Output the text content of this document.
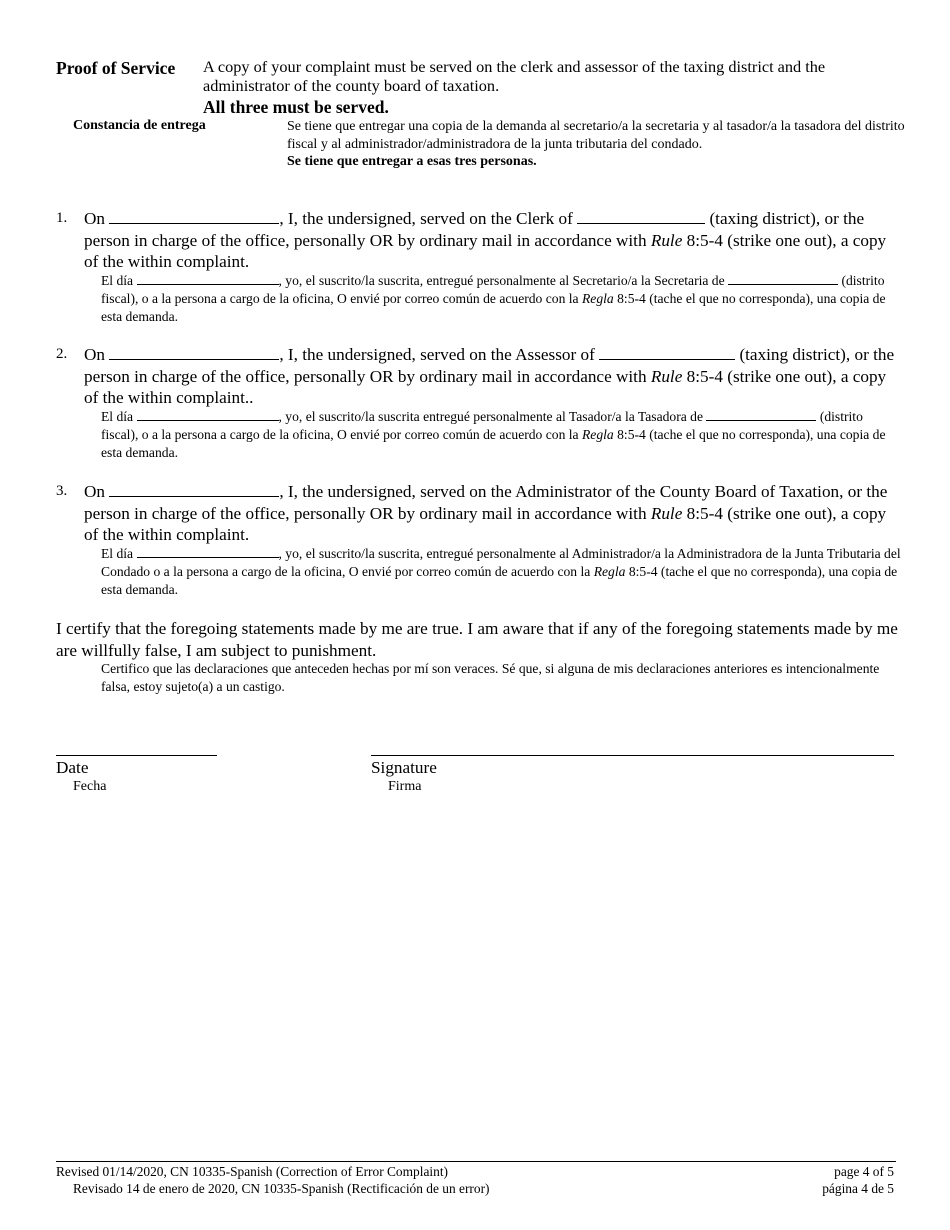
Proof of Service A copy of your complaint must be served on the clerk and assessor of the taxing district and the administrator of the county board of taxation.
All three must be served.
Constancia de entrega	Se tiene que entregar una copia de la demanda al secretario/a la secretaria y al tasador/a la tasadora del distrito fiscal y al administrador/administradora de la junta tributaria del condado.
Se tiene que entregar a esas tres personas.
1. On	, I, the undersigned, served on the Clerk of	(taxing district), or the person in charge of the office, personally OR by ordinary mail in accordance with Rule 8:5-4 (strike one out), a copy of the within complaint.
El día	, yo, el suscrito/la suscrita, entregué personalmente al Secretario/a la Secretaria de	(distrito fiscal), o a la persona a cargo de la oficina, O envié por correo común de acuerdo con la Regla 8:5-4 (tache el que no corresponda), una copia de esta demanda.
2. On	, I, the undersigned, served on the Assessor of	(taxing district), or the person in charge of the office, personally OR by ordinary mail in accordance with Rule 8:5-4 (strike one out), a copy of the within complaint..
El día	, yo, el suscrito/la suscrita entregué personalmente al Tasador/a la Tasadora de	(distrito fiscal), o a la persona a cargo de la oficina, O envié por correo común de acuerdo con la Regla 8:5-4 (tache el que no corresponda), una copia de esta demanda.
3. On	, I, the undersigned, served on the Administrator of the County Board of Taxation, or the person in charge of the office, personally OR by ordinary mail in accordance with Rule 8:5-4 (strike one out), a copy of the within complaint.
El día	, yo, el suscrito/la suscrita, entregué personalmente al Administrador/a la Administradora de la Junta Tributaria del Condado o a la persona a cargo de la oficina, O envié por correo común de acuerdo con la Regla 8:5-4 (tache el que no corresponda), una copia de esta demanda.
I certify that the foregoing statements made by me are true. I am aware that if any of the foregoing statements made by me are willfully false, I am subject to punishment.
Certifico que las declaraciones que anteceden hechas por mí son veraces. Sé que, si alguna de mis declaraciones anteriores es intencionalmente falsa, estoy sujeto(a) a un castigo.
Date
Fecha
Signature
Firma
Revised 01/14/2020, CN 10335-Spanish (Correction of Error Complaint)
Revisado 14 de enero de 2020, CN 10335-Spanish (Rectificación de un error)
page 4 of 5
página 4 de 5
